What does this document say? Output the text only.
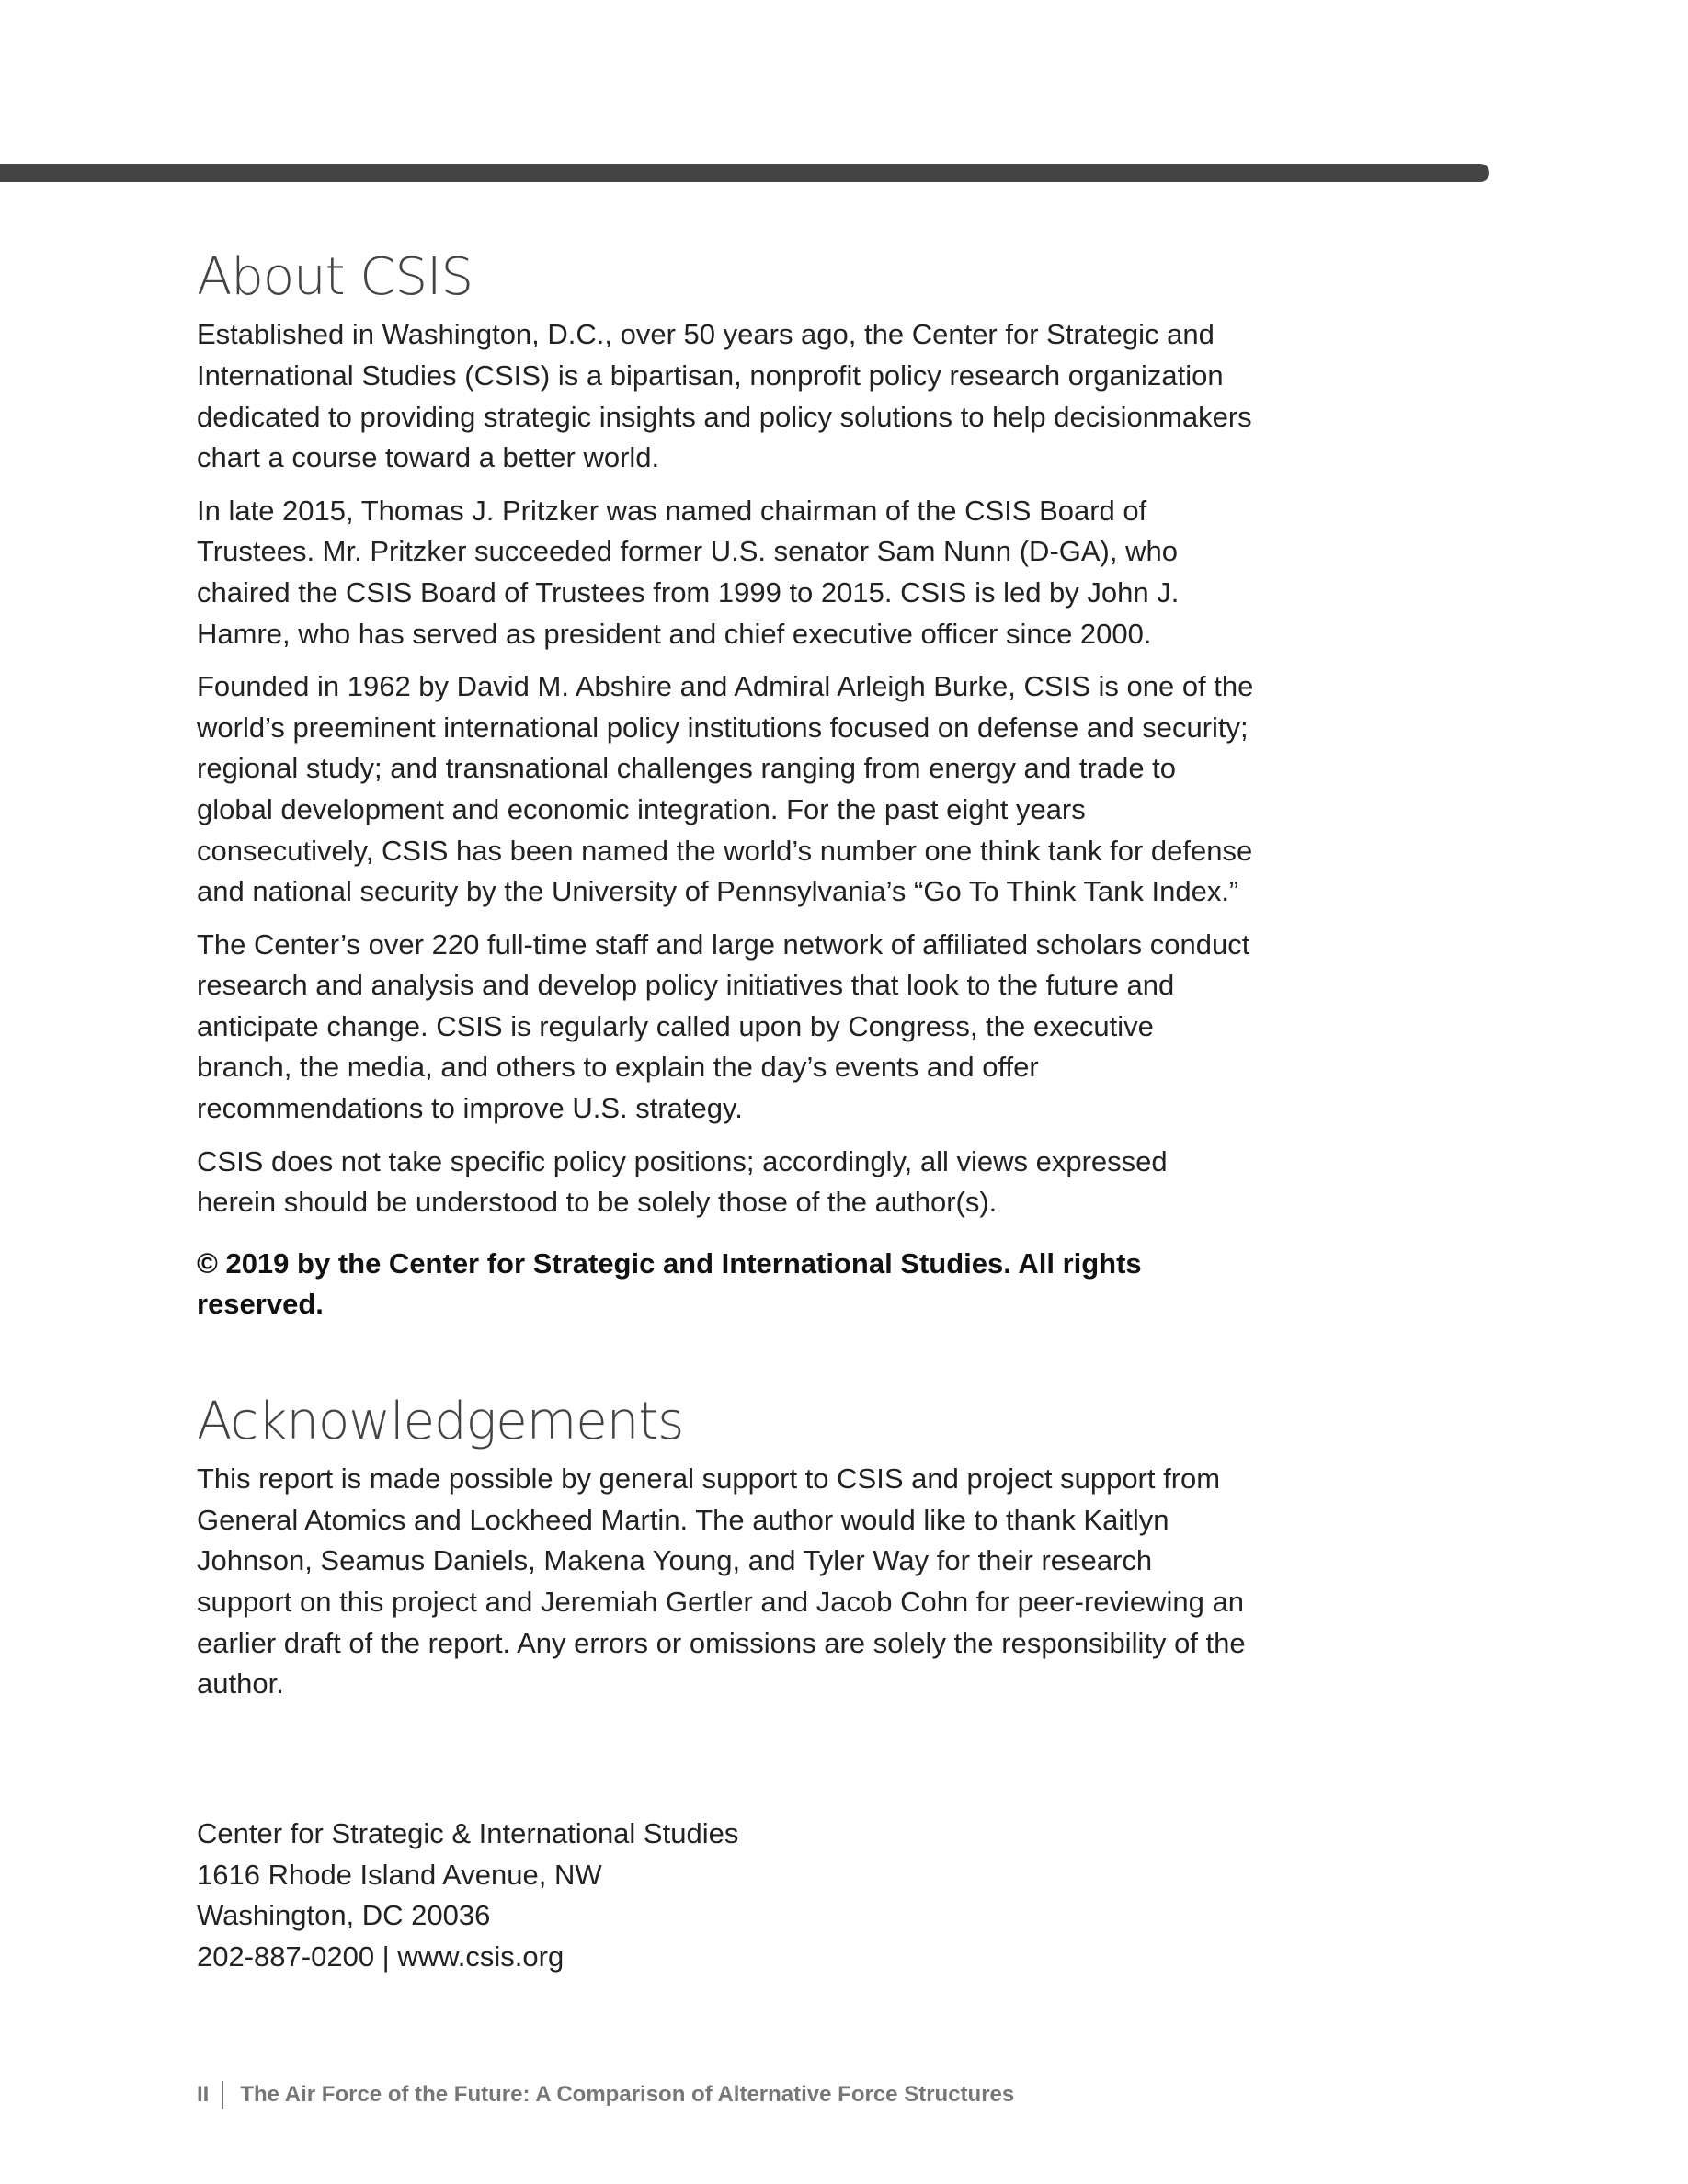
About CSIS

Established in Washington, D.C., over 50 years ago, the Center for Strategic and International Studies (CSIS) is a bipartisan, nonprofit policy research organization dedicated to providing strategic insights and policy solutions to help decisionmakers chart a course toward a better world.

In late 2015, Thomas J. Pritzker was named chairman of the CSIS Board of Trustees. Mr. Pritzker succeeded former U.S. senator Sam Nunn (D-GA), who chaired the CSIS Board of Trustees from 1999 to 2015. CSIS is led by John J. Hamre, who has served as president and chief executive officer since 2000.

Founded in 1962 by David M. Abshire and Admiral Arleigh Burke, CSIS is one of the world’s preeminent international policy institutions focused on defense and security; regional study; and transnational challenges ranging from energy and trade to global development and economic integration. For the past eight years consecutively, CSIS has been named the world’s number one think tank for defense and national security by the University of Pennsylvania’s “Go To Think Tank Index.”

The Center’s over 220 full-time staff and large network of affiliated scholars conduct research and analysis and develop policy initiatives that look to the future and anticipate change. CSIS is regularly called upon by Congress, the executive branch, the media, and others to explain the day’s events and offer recommendations to improve U.S. strategy.

CSIS does not take specific policy positions; accordingly, all views expressed herein should be understood to be solely those of the author(s).

© 2019 by the Center for Strategic and International Studies. All rights reserved.

Acknowledgements

This report is made possible by general support to CSIS and project support from General Atomics and Lockheed Martin. The author would like to thank Kaitlyn Johnson, Seamus Daniels, Makena Young, and Tyler Way for their research support on this project and Jeremiah Gertler and Jacob Cohn for peer-reviewing an earlier draft of the report. Any errors or omissions are solely the responsibility of the author.

Center for Strategic & International Studies
1616 Rhode Island Avenue, NW
Washington, DC 20036
202-887-0200 | www.csis.org
II The Air Force of the Future: A Comparison of Alternative Force Structures
